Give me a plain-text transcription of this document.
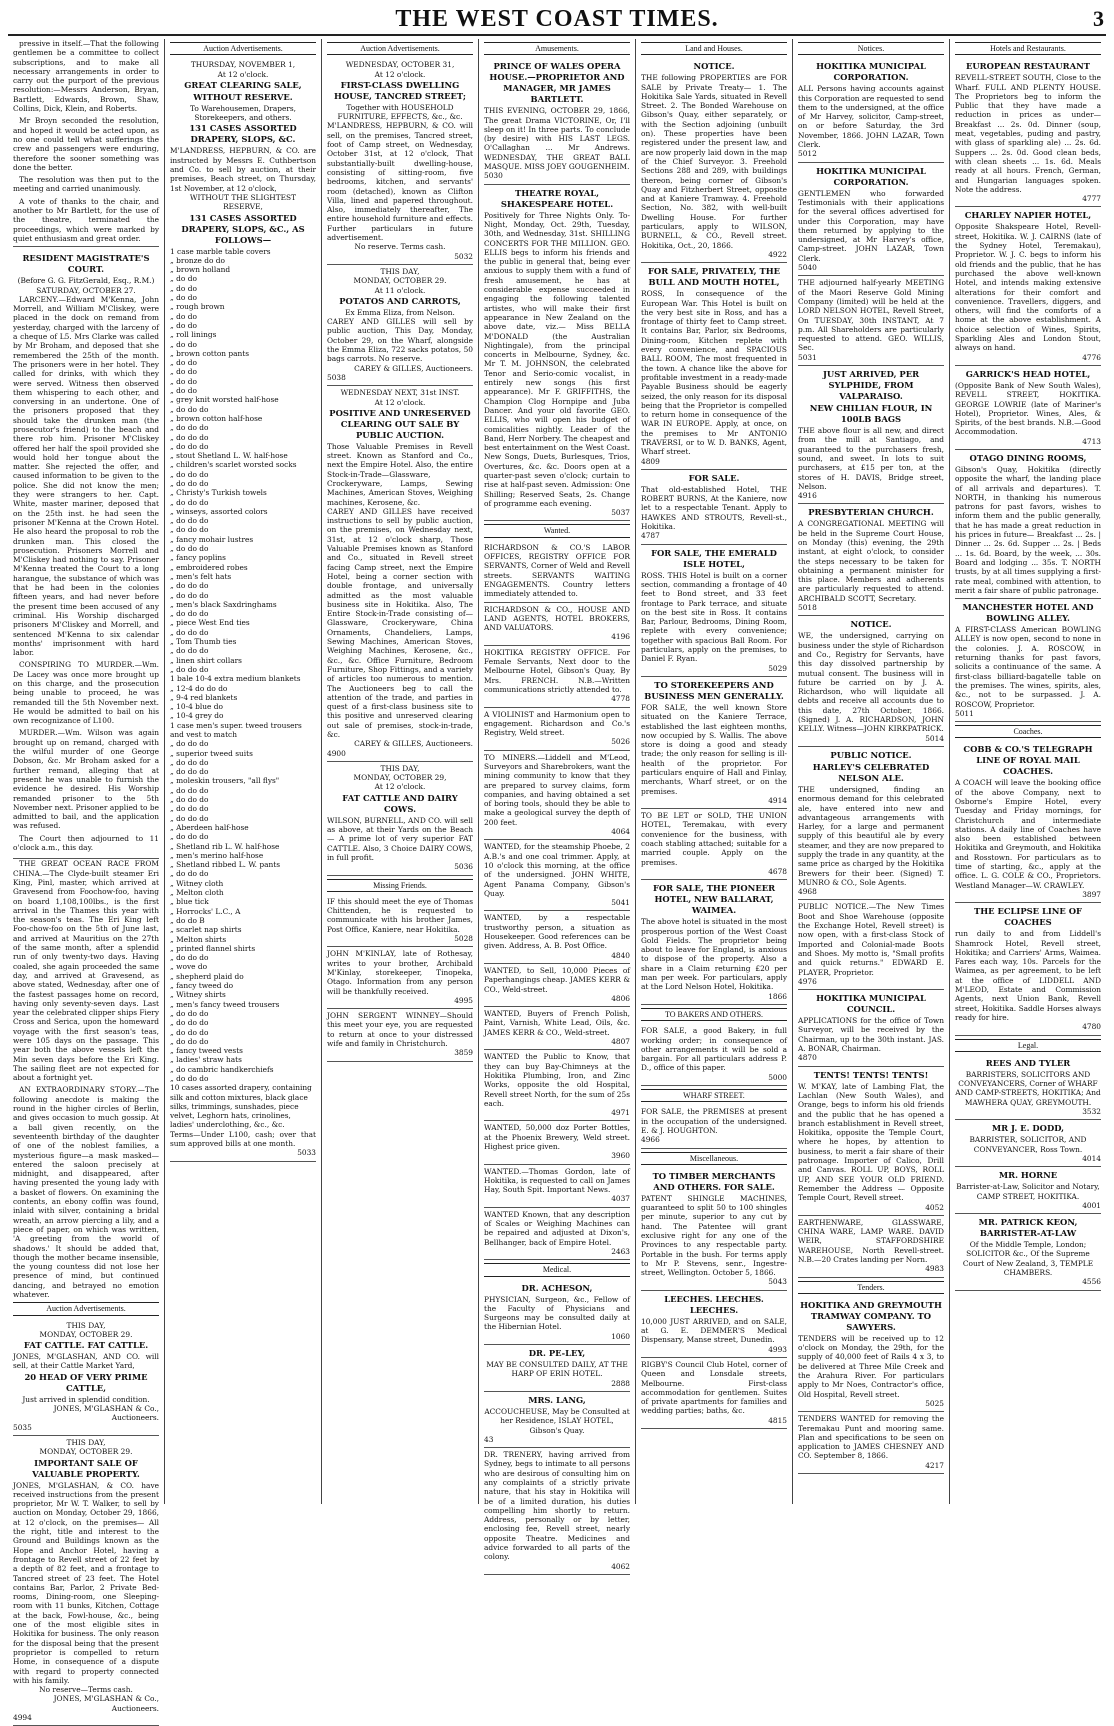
THE WEST COAST TIMES.	3
pressive in itself.—That the following gentlemen be a committee to collect subscriptions, and to make all necessary arrangements in order to carry out the purport of the previous resolution:—Messrs Anderson, Bryan, Bartlett, Edwards, Brown, Shaw, Collins, Dick, Klein, and Roberts.
Mr Broyn seconded the resolution, and hoped it would be acted upon, as no one could tell what sufferings the crew and passengers were enduring, therefore the sooner something was done the better.
The resolution was then put to the meeting and carried unanimously.
A vote of thanks to the chair, and another to Mr Bartlett, for the use of the theatre, terminated the proceedings, which were marked by quiet enthusiasm and great order.
RESIDENT MAGISTRATE'S COURT.
(Before G. G. FitzGerald, Esq., R.M.)
SATURDAY, OCTOBER 27.
LARCENY.—Edward M'Kenna, John Morrell, and William M'Cliskey, were placed in the dock on remand from yesterday, charged with the larceny of a cheque of L5. Mrs Clarke was called by Mr Broham, and deposed that she remembered the 25th of the month. The prisoners were in her hotel. They called for drinks, with which they were served. Witness then observed them whispering to each other, and conversing in an undertone. One of the prisoners proposed that they should take the drunken man (the prosecutor's friend) to the beach and there rob him. Prisoner M'Cliskey offered her half the spoil provided she would hold her tongue about the matter. She rejected the offer, and caused information to be given to the police. She did not know the men; they were strangers to her. Capt. White, master mariner, deposed that on the 25th inst. he had seen the prisoner M'Kenna at the Crown Hotel. He also heard the proposal to rob the drunken man. This closed the prosecution. Prisoners Morrell and M'Cliskey had nothing to say. Prisoner M'Kenna treated the Court to a long harangue, the substance of which was that he had been in the colonies fifteen years, and had never before the present time been accused of any criminal. His Worship discharged prisoners M'Cliskey and Morrell, and sentenced M'Kenna to six calendar months' imprisonment with hard labor.
CONSPIRING TO MURDER.—Wm. De Lacey was once more brought up on this charge, and the prosecution being unable to proceed, he was remanded till the 5th November next. He would be admitted to bail on his own recognizance of L100.
MURDER.—Wm. Wilson was again brought up on remand, charged with the wilful murder of one George Dobson, &c. Mr Broham asked for a further remand, alleging that at present he was unable to furnish the evidence he desired. His Worship remanded prisoner to the 5th November next. Prisoner applied to be admitted to bail, and the application was refused.
The Court then adjourned to 11 o'clock a.m., this day.
THE GREAT OCEAN RACE FROM CHINA.—The Clyde-built steamer Eri King, Pinl, master, which arrived at Gravesend from Foochow-foo, having on board 1,108,100lbs., is the first arrival in the Thames this year with the season's teas. The Eri King left Foo-chow-foo on the 5th of June last, and arrived at Mauritius on the 27th of the same month, after a splendid run of only twenty-two days. Having coaled, she again proceeded the same day, and arrived at Gravesend, as above stated, Wednesday, after one of the fastest passages home on record, having only seventy-seven days. Last year the celebrated clipper ships Fiery Cross and Serica, upon the homeward voyage with the first season's teas, were 105 days on the passage. This year both the above vessels left the Min seven days before the Eri King. The sailing fleet are not expected for about a fortnight yet.
AN EXTRAORDINARY STORY.—The following anecdote is making the round in the higher circles of Berlin, and gives occasion to much gossip. At a ball given recently, on the seventeenth birthday of the daughter of one of the noblest families, a mysterious figure—a mask masked—entered the saloon precisely at midnight, and disappeared, after having presented the young lady with a basket of flowers. On examining the contents, an ebony coffin was found, inlaid with silver, containing a bridal wreath, an arrow piercing a lily, and a piece of paper, on which was written, 'A greeting from the world of shadows.' It should be added that, though the mother became insensible, the young countess did not lose her presence of mind, but continued dancing, and betrayed no emotion whatever.
Auction Advertisements.
THIS DAY,
MONDAY, OCTOBER 29.
FAT CATTLE. FAT CATTLE.
JONES, M'GLASHAN, AND CO. will sell, at their Cattle Market Yard,
20 HEAD OF VERY PRIME CATTLE,
Just arrived in splendid condition.
JONES, M'GLASHAN & Co., Auctioneers.
5035
THIS DAY,
MONDAY, OCTOBER 29.
IMPORTANT SALE OF VALUABLE PROPERTY.
JONES, M'GLASHAN, & CO. have received instructions from the present proprietor, Mr W. T. Walker, to sell by auction on Monday, October 29, 1866, at 12 o'clock, on the premises— All the right, title and interest to the Ground and Buildings known as the Hope and Anchor Hotel, having a frontage to Revell street of 22 feet by a depth of 82 feet, and a frontage to Tancred street of 23 feet. The Hotel contains Bar, Parlor, 2 Private Bed-rooms, Dining-room, one Sleeping-room with 11 bunks, Kitchen, Cottage at the back, Fowl-house, &c., being one of the most eligible sites in Hokitika for business. The only reason for the disposal being that the present proprietor is compelled to return Home, in consequence of a dispute with regard to property connected with his family.
No reserve—Terms cash.
JONES, M'GLASHAN & Co., Auctioneers.
4994
Auction Advertisements.
THURSDAY, NOVEMBER 1,
At 12 o'clock.
GREAT CLEARING SALE,
WITHOUT RESERVE.
To Warehousemen, Drapers, Storekeepers, and others.
131 CASES ASSORTED DRAPERY, SLOPS, &C.
M'LANDRESS, HEPBURN, & CO. are instructed by Messrs E. Cuthbertson and Co. to sell by auction, at their premises, Beach street, on Thursday, 1st November, at 12 o'clock,
WITHOUT THE SLIGHTEST RESERVE,
131 CASES ASSORTED DRAPERY, SLOPS, &C., AS FOLLOWS—
1 case marble table covers
„ bronze do do
„ brown holland
„ do do
„ do do
„ do do
„ rough brown
„ do do
„ do do
„ roll linings
„ do do
„ brown cotton pants
„ do do
„ do do
„ do do
„ do do
„ grey knit worsted half-hose
„ do do do
„ brown cotton half-hose
„ do do do
„ do do do
„ do do do
„ stout Shetland L. W. half-hose
„ children's scarlet worsted socks
„ do do do
„ do do do
„ Christy's Turkish towels
„ do do do
„ winseys, assorted colors
„ do do do
„ do do do
„ fancy mohair lustres
„ do do do
„ fancy poplins
„ embroidered robes
„ men's felt hats
„ do do do
„ do do do
„ men's black Saxdringhams
„ do do do
„ piece West End ties
„ do do do
„ Tom Thumb ties
„ do do do
„ linen shirt collars
„ do do do
1 bale 10-4 extra medium blankets
„ 12-4 do do do
„ 9-4 red blankets
„ 10-4 blue do
„ 10-4 grey do
1 case men's super. tweed trousers and vest to match
„ do do do
„ superior tweed suits
„ do do do
„ do do do
„ moleskin trousers, "all flys"
„ do do do
„ do do do
„ do do do
„ do do do
„ Aberdeen half-hose
„ do do do
„ Shetland rib L. W. half-hose
„ men's merino half-hose
„ Shetland ribbed L. W. pants
„ do do do
„ Witney cloth
„ Melton cloth
„ blue tick
„ Horrocks' L.C., A
„ do do B
„ scarlet nap shirts
„ Melton shirts
„ printed flannel shirts
„ do do do
„ wove do
„ shepherd plaid do
„ fancy tweed do
„ Witney shirts
„ men's fancy tweed trousers
„ do do do
„ do do do
„ do do do
„ do do do
„ fancy tweed vests
„ ladies' straw hats
„ do cambric handkerchiefs
„ do do do
10 cases assorted drapery, containing silk and cotton mixtures, black glace silks, trimmings, sunshades, piece velvet, Leghorn hats, crinolines, ladies' underclothing, &c., &c.
Terms—Under L100, cash; over that sum approved bills at one month.
5033
Auction Advertisements.
WEDNESDAY, OCTOBER 31,
At 12 o'clock.
FIRST-CLASS DWELLING HOUSE, TANCRED STREET;
Together with HOUSEHOLD FURNITURE, EFFECTS, &c., &c.
M'LANDRESS, HEPBURN, & CO. will sell, on the premises, Tancred street, foot of Camp street, on Wednesday, October 31st, at 12 o'clock, That substantially-built dwelling-house, consisting of sitting-room, five bedrooms, kitchen, and servants' room (detached), known as Clifton Villa, lined and papered throughout. Also, immediately thereafter, The entire household furniture and effects. Further particulars in future advertisement.
No reserve. Terms cash.
5032
THIS DAY,
MONDAY, OCTOBER 29.
At 11 o'clock.
POTATOS AND CARROTS,
Ex Emma Eliza, from Nelson.
CAREY AND GILLES will sell by public auction, This Day, Monday, October 29, on the Wharf, alongside the Emma Eliza, 722 sacks potatos, 50 bags carrots. No reserve.
CAREY & GILLES, Auctioneers.
5038
WEDNESDAY NEXT, 31st INST.
At 12 o'clock.
POSITIVE AND UNRESERVED CLEARING OUT SALE BY PUBLIC AUCTION.
Those Valuable Premises in Revell street. Known as Stanford and Co., next the Empire Hotel. Also, the entire Stock-in-Trade—Glassware, Crockeryware, Lamps, Sewing Machines, American Stoves, Weighing machines, Kerosene, &c.
CAREY AND GILLES have received instructions to sell by public auction, on the premises, on Wednesday next, 31st, at 12 o'clock sharp, Those Valuable Premises known as Stanford and Co., situated in Revell street facing Camp street, next the Empire Hotel, being a corner section with double frontage, and universally admitted as the most valuable business site in Hokitika. Also, The Entire Stock-in-Trade consisting of— Glassware, Crockeryware, China Ornaments, Chandeliers, Lamps, Sewing Machines, American Stoves, Weighing Machines, Kerosene, &c., &c., &c. Office Furniture, Bedroom Furniture, Shop Fittings, and a variety of articles too numerous to mention. The Auctioneers beg to call the attention of the trade, and parties in quest of a first-class business site to this positive and unreserved clearing out sale of premises, stock-in-trade, &c.
CAREY & GILLES, Auctioneers.
4900
THIS DAY,
MONDAY, OCTOBER 29,
At 12 o'clock.
FAT CATTLE AND DAIRY COWS.
WILSON, BURNELL, AND CO. will sell as above, at their Yards on the Beach— A prime lot of very superior FAT CATTLE. Also, 3 Choice DAIRY COWS, in full profit.
5036
Missing Friends.
IF this should meet the eye of Thomas Chittenden, he is requested to communicate with his brother James, Post Office, Kaniere, near Hokitika.
5028
JOHN M'KINLAY, late of Rothesay, writes to your brother, Archibald M'Kinlay, storekeeper, Tinopeka, Otago. Information from any person will be thankfully received.
4995
JOHN SERGENT WINNEY—Should this meet your eye, you are requested to return at once to your distressed wife and family in Christchurch.
3859
Amusements.
PRINCE OF WALES OPERA HOUSE.—PROPRIETOR AND MANAGER, MR JAMES BARTLETT.
THIS EVENING, OCTOBER 29, 1866, The great Drama VICTORINE, Or, I'll sleep on it! In three parts. To conclude (by desire) with HIS LAST LEGS. O'Callaghan ... Mr Andrews. WEDNESDAY, THE GREAT BALL MASQUE. MISS JOEY GOUGENHEIM.
5030
THEATRE ROYAL, SHAKESPEARE HOTEL.
Positively for Three Nights Only. To-Night, Monday, Oct. 29th, Tuesday, 30th, and Wednesday, 31st. SHILLING CONCERTS FOR THE MILLION. GEO. ELLIS begs to inform his friends and the public in general that, being ever anxious to supply them with a fund of fresh amusement, he has at considerable expense succeeded in engaging the following talented artistes, who will make their first appearance in New Zealand on the above date, viz.— Miss BELLA M'DONALD (the Australian Nightingale), from the principal concerts in Melbourne, Sydney, &c. Mr T. M. JOHNSON, the celebrated Tenor and Serio-comic vocalist, in entirely new songs (his first appearance). Mr F. GRIFFITHS, the Champion Clog Hornpipe and Juba Dancer. And your old favorite GEO. ELLIS, who will open his budget of comicalities nightly. Leader of the Band, Herr Norbery. The cheapest and best entertainment on the West Coast. New Songs, Duets, Burlesques, Trios, Overtures, &c. &c. Doors open at a quarter-past seven o'clock; curtain to rise at half-past seven. Admission: One Shilling; Reserved Seats, 2s. Change of programme each evening.
5037
Wanted.
RICHARDSON & CO.'S LABOR OFFICES, REGISTRY OFFICE FOR SERVANTS, Corner of Weld and Revell streets. SERVANTS WAITING ENGAGEMENTS. Country letters immediately attended to.
RICHARDSON & CO., HOUSE AND LAND AGENTS, HOTEL BROKERS, AND VALUATORS.
4196
HOKITIKA REGISTRY OFFICE. For Female Servants, Next door to the Melbourne Hotel, Gibson's Quay, By Mrs. FRENCH. N.B.—Written communications strictly attended to.
4778
A VIOLINIST and Harmonium open to engagement. Richardson and Co.'s Registry, Weld street.
5026
TO MINERS.—Liddell and M'Leod, Surveyors and Sharebrokers, want the mining community to know that they are prepared to survey claims, form companies, and having obtained a set of boring tools, should they be able to make a geological survey the depth of 200 feet.
4064
WANTED, for the steamship Phoebe, 2 A.B.'s and one coal trimmer. Apply, at 10 o'clock this morning, at the office of the undersigned. JOHN WHITE, Agent Panama Company, Gibson's Quay.
5041
WANTED, by a respectable trustworthy person, a situation as Housekeeper. Good references can be given. Address, A. B. Post Office.
4840
WANTED, to Sell, 10,000 Pieces of Paperhangings cheap. JAMES KERR & CO., Weld-street.
4806
WANTED, Buyers of French Polish, Paint, Varnish, White Lead, Oils, &c. JAMES KERR & CO., Weld-street.
4807
WANTED the Public to Know, that they can buy Bay-Chimneys at the Hokitika Plumbing, Iron, and Zinc Works, opposite the old Hospital, Revell street North, for the sum of 25s each.
4971
WANTED, 50,000 doz Porter Bottles, at the Phoenix Brewery, Weld street. Highest price given.
3960
WANTED.—Thomas Gordon, late of Hokitika, is requested to call on James Hay, South Spit. Important News.
4037
WANTED Known, that any description of Scales or Weighing Machines can be repaired and adjusted at Dixon's, Bellhanger, back of Empire Hotel.
2463
Medical.
DR. ACHESON,
PHYSICIAN, Surgeon, &c., Fellow of the Faculty of Physicians and Surgeons may be consulted daily at the Hibernian Hotel.
1060
DR. PE-LEY,
MAY BE CONSULTED DAILY, AT THE HARP OF ERIN HOTEL.
2888
MRS. LANG,
ACCOUCHEUSE, May be Consulted at her Residence, ISLAY HOTEL, Gibson's Quay.
43
DR. TRENERY, having arrived from Sydney, begs to intimate to all persons who are desirous of consulting him on any complaints of a strictly private nature, that his stay in Hokitika will be of a limited duration, his duties compelling him shortly to return. Address, personally or by letter, enclosing fee, Revell street, nearly opposite Theatre. Medicines and advice forwarded to all parts of the colony.
4062
Land and Houses.
NOTICE.
THE following PROPERTIES are FOR SALE by Private Treaty— 1. The Hokitika Sale Yards, situated in Revell Street. 2. The Bonded Warehouse on Gibson's Quay, either separately, or with the Section adjoining (unbuilt on). These properties have been registered under the present law, and are now properly laid down in the map of the Chief Surveyor. 3. Freehold Sections 288 and 289, with buildings thereon, being corner of Gibson's Quay and Fitzherbert Street, opposite and at Kaniere Tramway. 4. Freehold Section, No. 382, with well-built Dwelling House. For further particulars, apply to WILSON, BURNELL, & CO., Revell street. Hokitika, Oct., 20, 1866.
4922
FOR SALE, PRIVATELY, THE BULL AND MOUTH HOTEL,
ROSS, In consequence of the European War. This Hotel is built on the very best site in Ross, and has a frontage of thirty feet to Camp street. It contains Bar, Parlor, six Bedrooms, Dining-room, Kitchen replete with every convenience, and SPACIOUS BALL ROOM, The most frequented in the town. A chance like the above for profitable investment in a ready-made Payable Business should be eagerly seized, the only reason for its disposal being that the Proprietor is compelled to return home in consequence of the WAR IN EUROPE. Apply, at once, on the premises to Mr ANTONIO TRAVERSI, or to W. D. BANKS, Agent, Wharf street.
4809
FOR SALE.
That old-established Hotel, THE ROBERT BURNS, At the Kaniere, now let to a respectable Tenant. Apply to HAWKES AND STROUTS, Revell-st., Hokitika.
4787
FOR SALE, THE EMERALD ISLE HOTEL,
ROSS. THIS Hotel is built on a corner section, commanding a frontage of 40 feet to Bond street, and 33 feet frontage to Park terrace, and situate on the best site in Ross. It contains Bar, Parlour, Bedrooms, Dining Room, replete with every convenience; together with spacious Ball Room. For particulars, apply on the premises, to Daniel F. Ryan.
5029
TO STOREKEEPERS AND BUSINESS MEN GENERALLY.
FOR SALE, the well known Store situated on the Kaniere Terrace, established the last eighteen months, now occupied by S. Wallis. The above store is doing a good and steady trade; the only reason for selling is ill-health of the proprietor. For particulars enquire of Hall and Finlay, merchants, Wharf street, or on the premises.
4914
TO BE LET or SOLD, THE UNION HOTEL, Teremakau, with every convenience for the business, with coach stabling attached; suitable for a married couple. Apply on the premises.
4678
FOR SALE, THE PIONEER HOTEL, NEW BALLARAT, WAIMEA.
The above hotel is situated in the most prosperous portion of the West Coast Gold Fields. The proprietor being about to leave for England, is anxious to dispose of the property. Also a share in a Claim returning £20 per man per week. For particulars, apply at the Lord Nelson Hotel, Hokitika.
1866
TO BAKERS AND OTHERS.
FOR SALE, a good Bakery, in full working order; in consequence of other arrangements it will be sold a bargain. For all particulars address P. D., office of this paper.
5000
WHARF STREET.
FOR SALE, the PREMISES at present in the occupation of the undersigned. E. & J. HOUGHTON.
4966
Miscellaneous.
TO TIMBER MERCHANTS AND OTHERS. FOR SALE.
PATENT SHINGLE MACHINES, guaranteed to split 50 to 100 shingles per minute, superior to any cut by hand. The Patentee will grant exclusive right for any one of the Provinces to any respectable party. Portable in the bush. For terms apply to Mr P. Stevens, senr., Ingestre-street, Wellington. October 5, 1866.
5043
LEECHES. LEECHES. LEECHES.
10,000 JUST ARRIVED, and on SALE, at G. E. DEMMER'S Medical Dispensary, Manse street, Dunedin.
4993
RIGBY'S Council Club Hotel, corner of Queen and Lonsdale streets, Melbourne. First-class accommodation for gentlemen. Suites of private apartments for families and wedding parties; baths, &c.
4815
Notices.
HOKITIKA MUNICIPAL CORPORATION.
ALL Persons having accounts against this Corporation are requested to send them to the undersigned, at the office of Mr Harvey, solicitor, Camp-street, on or before Saturday, the 3rd November, 1866. JOHN LAZAR, Town Clerk.
5012
HOKITIKA MUNICIPAL CORPORATION.
GENTLEMEN who forwarded Testimonials with their applications for the several offices advertised for under this Corporation, may have them returned by applying to the undersigned, at Mr Harvey's office, Camp-street. JOHN LAZAR, Town Clerk.
5040
THE adjourned half-yearly MEETING of the Maori Reserve Gold Mining Company (limited) will be held at the LORD NELSON HOTEL, Revell Street, On TUESDAY, 30th INSTANT, At 7 p.m. All Shareholders are particularly requested to attend. GEO. WILLIS, Sec.
5031
JUST ARRIVED, PER SYLPHIDE, FROM VALPARAISO.
NEW CHILIAN FLOUR, IN 100LB BAGS
THE above flour is all new, and direct from the mill at Santiago, and guaranteed to the purchasers fresh, sound, and sweet. In lots to suit purchasers, at £15 per ton, at the stores of H. DAVIS, Bridge street, Nelson.
4916
PRESBYTERIAN CHURCH.
A CONGREGATIONAL MEETING will be held in the Supreme Court House, on Monday (this) evening, the 29th instant, at eight o'clock, to consider the steps necessary to be taken for obtaining a permanent minister for this place. Members and adherents are particularly requested to attend. ARCHIBALD SCOTT, Secretary.
5018
NOTICE.
WE, the undersigned, carrying on business under the style of Richardson and Co., Registry for Servants, have this day dissolved partnership by mutual consent. The business will in future be carried on by J. A. Richardson, who will liquidate all debts and receive all accounts due to this date, 27th October, 1866. (Signed) J. A. RICHARDSON, JOHN KELLY. Witness—JOHN KIRKPATRICK.
5014
PUBLIC NOTICE.
HARLEY'S CELEBRATED NELSON ALE.
THE undersigned, finding an enormous demand for this celebrated ale, have entered into new and advantageous arrangements with Harley, for a large and permanent supply of this beautiful ale by every steamer, and they are now prepared to supply the trade in any quantity, at the same price as charged by the Hokitika Brewers for their beer. (Signed) T. MUNRO & CO., Sole Agents.
4968
PUBLIC NOTICE.—The New Times Boot and Shoe Warehouse (opposite the Exchange Hotel, Revell street) is now open, with a first-class Stock of Imported and Colonial-made Boots and Shoes. My motto is, "Small profits and quick returns." EDWARD E. PLAYER, Proprietor.
4976
HOKITIKA MUNICIPAL COUNCIL.
APPLICATIONS for the office of Town Surveyor, will be received by the Chairman, up to the 30th instant. JAS. A. BONAR, Chairman.
4870
TENTS! TENTS! TENTS!
W. M'KAY, late of Lambing Flat, the Lachlan (New South Wales), and Orange, begs to inform his old friends and the public that he has opened a branch establishment in Revell street, Hokitika, opposite the Temple Court, where he hopes, by attention to business, to merit a fair share of their patronage. Importer of Calico, Drill and Canvas. ROLL UP, BOYS, ROLL UP, AND SEE YOUR OLD FRIEND. Remember the Address — Opposite Temple Court, Revell street.
4052
EARTHENWARE, GLASSWARE, CHINA WARE, LAMP WARE. DAVID WEIR, STAFFORDSHIRE WAREHOUSE, North Revell-street. N.B.—20 Crates landing per Norn.
4983
Tenders.
HOKITIKA AND GREYMOUTH TRAMWAY COMPANY. TO SAWYERS.
TENDERS will be received up to 12 o'clock on Monday, the 29th, for the supply of 40,000 feet of Rails 4 x 3, to be delivered at Three Mile Creek and the Arahura River. For particulars apply to Mr Noes, Contractor's office, Old Hospital, Revell street.
5025
TENDERS WANTED for removing the Teremakau Punt and mooring same. Plan and specifications to be seen on application to JAMES CHESNEY AND CO. September 8, 1866.
4217
Hotels and Restaurants.
EUROPEAN RESTAURANT
REVELL-STREET SOUTH, Close to the Wharf. FULL AND PLENTY HOUSE. The Proprietors beg to inform the Public that they have made a reduction in prices as under— Breakfast ... 2s. 0d. Dinner (soup, meat, vegetables, puding and pastry, with glass of sparkling ale) ... 2s. 6d. Suppers ... 2s. 0d. Good clean beds, with clean sheets ... 1s. 6d. Meals ready at all hours. French, German, and Hungarian languages spoken. Note the address.
4777
CHARLEY NAPIER HOTEL,
Opposite Shakspeare Hotel, Revell-street, Hokitika. W. J. CAIRNS (late of the Sydney Hotel, Teremakau), Proprietor. W. J. C. begs to inform his old friends and the public, that he has purchased the above well-known Hotel, and intends making extensive alterations for their comfort and convenience. Travellers, diggers, and others, will find the comforts of a home at the above establishment. A choice selection of Wines, Spirits, Sparkling Ales and London Stout, always on hand.
4776
GARRICK'S HEAD HOTEL,
(Opposite Bank of New South Wales), REVELL STREET, HOKITIKA. GEORGE LOWRIE (late of Mariner's Hotel), Proprietor. Wines, Ales, & Spirits, of the best brands. N.B.—Good Accommodation.
4713
OTAGO DINING ROOMS,
Gibson's Quay, Hokitika (directly opposite the wharf, the landing place of all arrivals and departures). T. NORTH, in thanking his numerous patrons for past favors, wishes to inform them and the public generally, that he has made a great reduction in his prices in future— Breakfast ... 2s. | Dinner ... 2s. 6d. Supper ... 2s. | Beds ... 1s. 6d. Board, by the week, ... 30s. Board and lodging ... 35s. T. NORTH trusts, by at all times supplying a first-rate meal, combined with attention, to merit a fair share of public patronage.
MANCHESTER HOTEL AND BOWLING ALLEY.
A FIRST-CLASS American BOWLING ALLEY is now open, second to none in the colonies. J. A. ROSCOW, in returning thanks for past favors, solicits a continuance of the same. A first-class billiard-bagatelle table on the premises. The wines, spirits, ales, &c., not to be surpassed. J. A. ROSCOW, Proprietor.
5011
Coaches.
COBB & CO.'S TELEGRAPH LINE OF ROYAL MAIL COACHES.
A COACH will leave the booking office of the above Company, next to Osborne's Empire Hotel, every Tuesday and Friday mornings, for Christchurch and intermediate stations. A daily line of Coaches have also been established between Hokitika and Greymouth, and Hokitika and Rosstown. For particulars as to time of starting, &c., apply at the office. L. G. COLE & CO., Proprietors. Westland Manager—W. CRAWLEY.
3897
THE ECLIPSE LINE OF COACHES
run daily to and from Liddell's Shamrock Hotel, Revell street, Hokitika; and Carriers' Arms, Waimea. Fares each way, 10s. Parcels for the Waimea, as per agreement, to be left at the office of LIDDELL AND M'LEOD, Estate and Commission Agents, next Union Bank, Revell street, Hokitika. Saddle Horses always ready for hire.
4780
Legal.
REES AND TYLER
BARRISTERS, SOLICITORS AND CONVEYANCERS, Corner of WHARF AND CAMP-STREETS, HOKITIKA; And MAWHERA QUAY, GREYMOUTH.
3532
MR J. E. DODD,
BARRISTER, SOLICITOR, AND CONVEYANCER, Ross Town.
4014
MR. HORNE
Barrister-at-Law, Solicitor and Notary, CAMP STREET, HOKITIKA.
4001
MR. PATRICK KEON, BARRISTER-AT-LAW
Of the Middle Temple, London; SOLICITOR &c., Of the Supreme Court of New Zealand, 3, TEMPLE CHAMBERS.
4556
